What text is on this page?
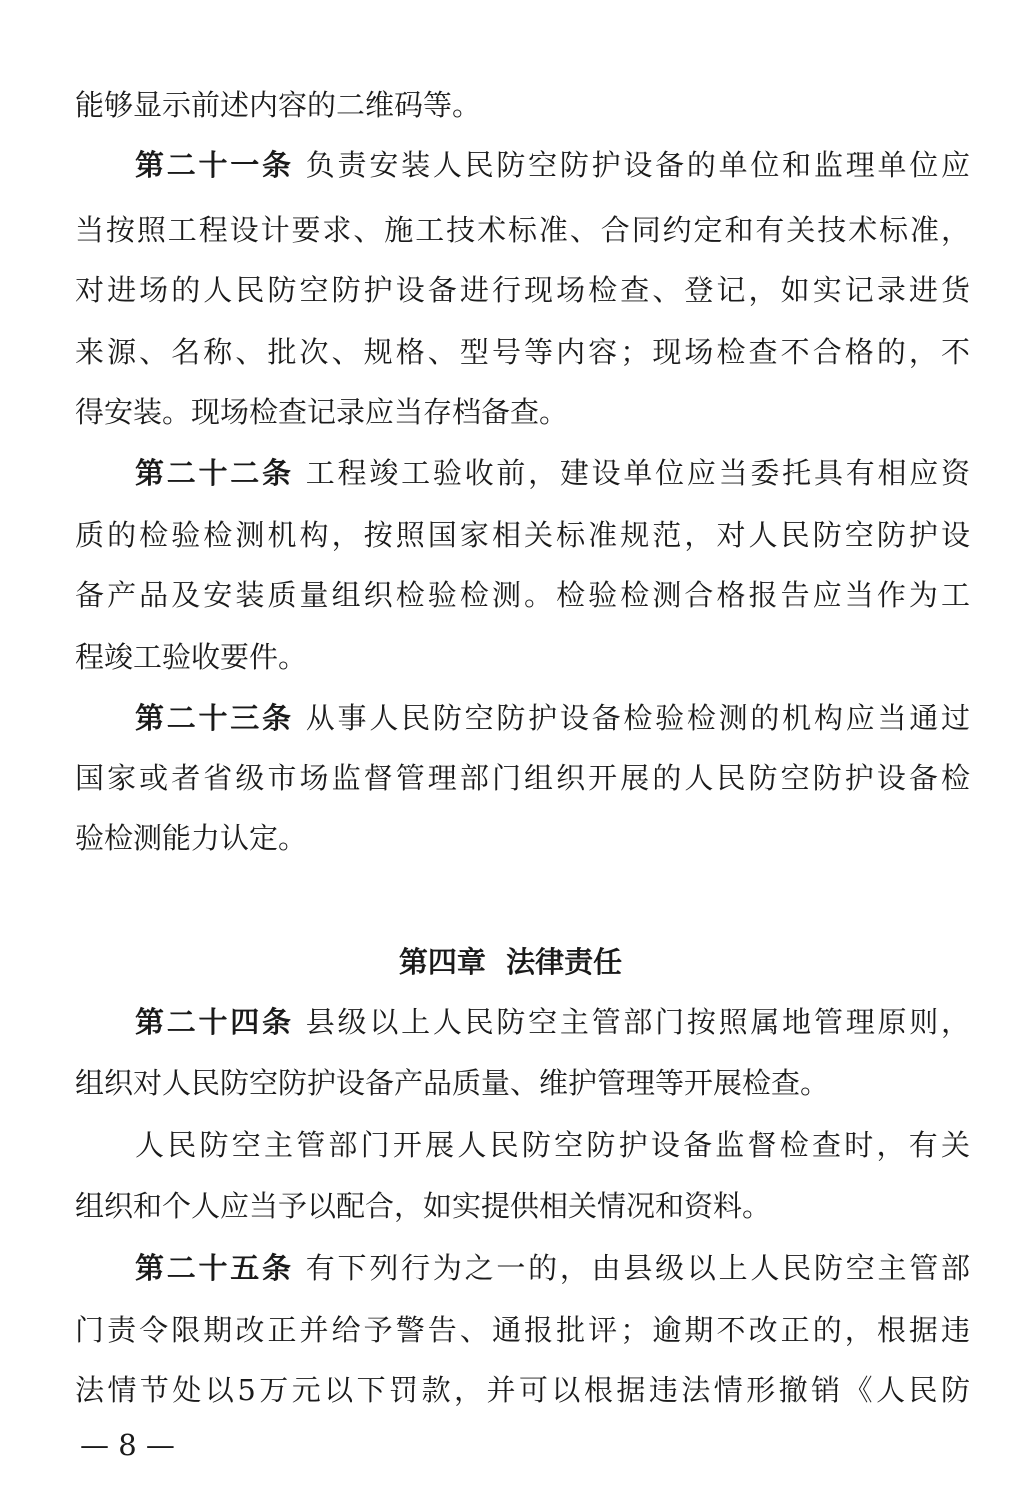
能够显示前述内容的二维码等。
第二十一条 负责安装人民防空防护设备的单位和监理单位应
当按照工程设计要求、施工技术标准、合同约定和有关技术标准，
对进场的人民防空防护设备进行现场检查、登记，如实记录进货
来源、名称、批次、规格、型号等内容；现场检查不合格的，不
得安装。现场检查记录应当存档备查。
第二十二条 工程竣工验收前，建设单位应当委托具有相应资
质的检验检测机构，按照国家相关标准规范，对人民防空防护设
备产品及安装质量组织检验检测。检验检测合格报告应当作为工
程竣工验收要件。
第二十三条 从事人民防空防护设备检验检测的机构应当通过
国家或者省级市场监督管理部门组织开展的人民防空防护设备检
验检测能力认定。
第四章  法律责任
第二十四条 县级以上人民防空主管部门按照属地管理原则，
组织对人民防空防护设备产品质量、维护管理等开展检查。
人民防空主管部门开展人民防空防护设备监督检查时，有关
组织和个人应当予以配合，如实提供相关情况和资料。
第二十五条 有下列行为之一的，由县级以上人民防空主管部
门责令限期改正并给予警告、通报批评；逾期不改正的，根据违
法情节处以5万元以下罚款，并可以根据违法情形撤销《人民防
— 8 —
